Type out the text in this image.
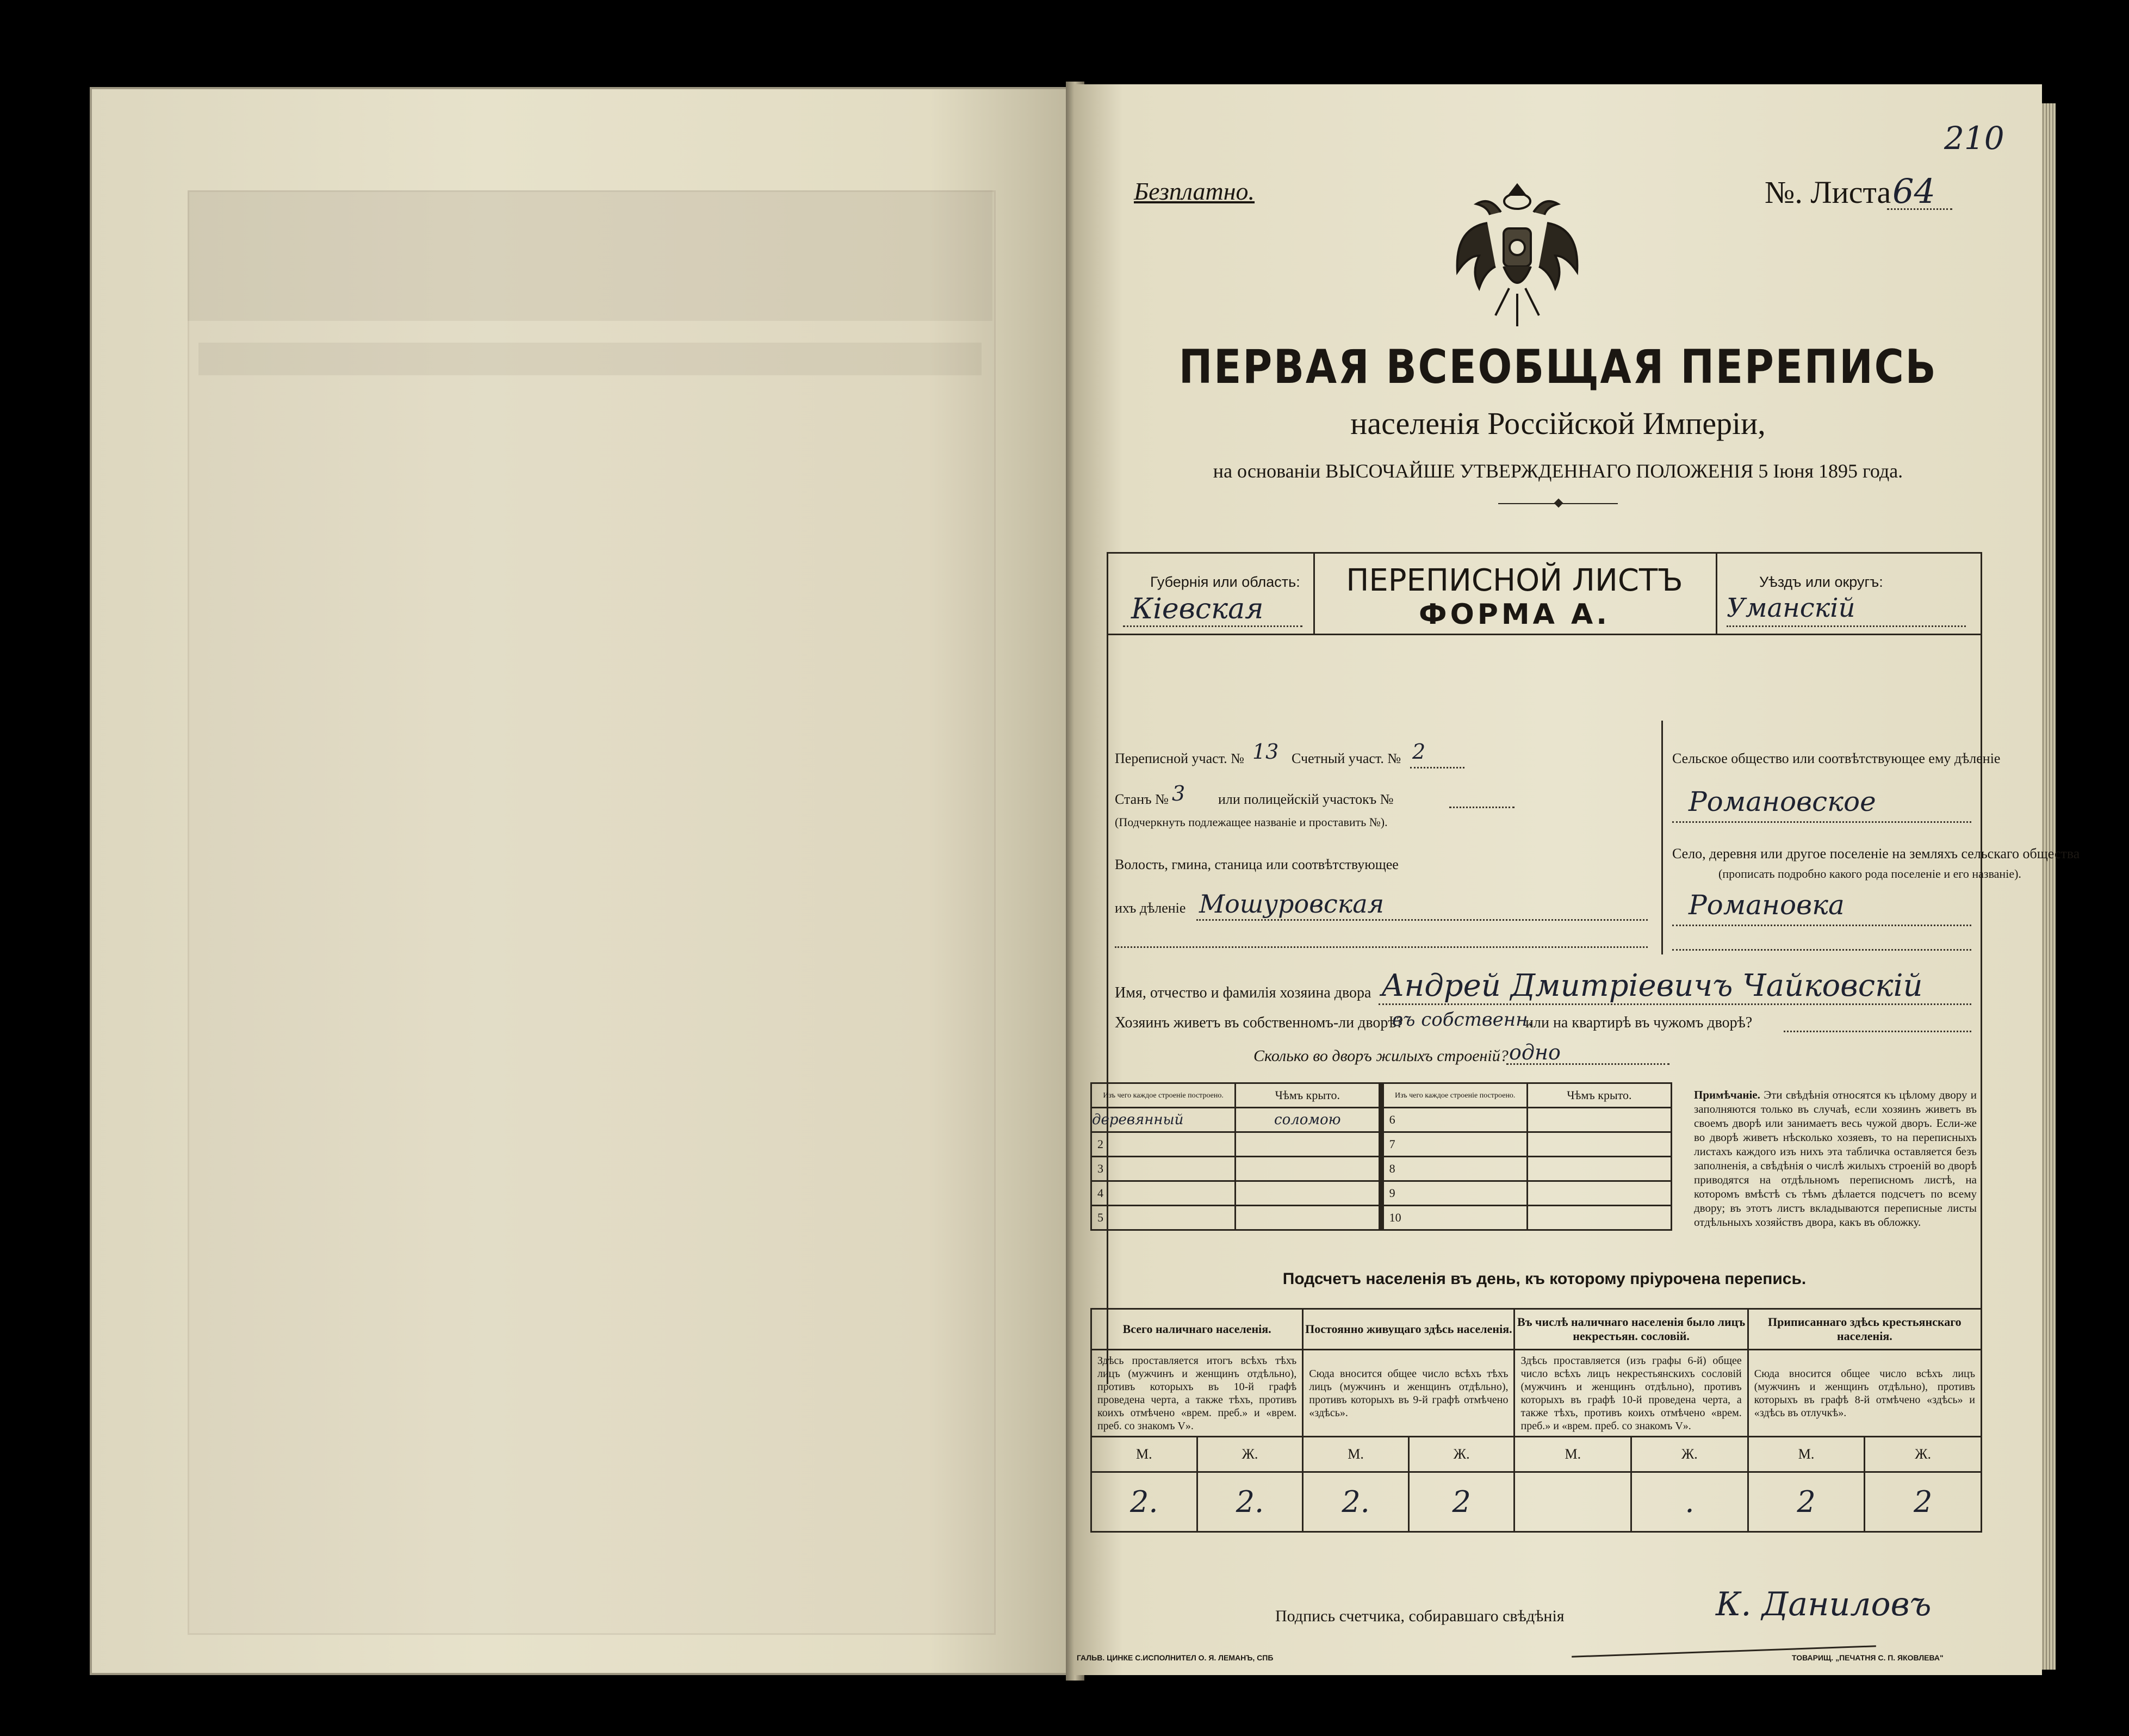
210
Безплатно.	№. Листа 64
ПЕРВАЯ ВСЕОБЩАЯ ПЕРЕПИСЬ
населенія Россійской Имперіи,
на основаніи ВЫСОЧАЙШЕ УТВЕРЖДЕННАГО ПОЛОЖЕНІЯ 5 Іюня 1895 года.
Губернія или область:
Кіевская
ПЕРЕПИСНОЙ ЛИСТЪ
ФОРМА А.
Уѣздъ или округъ:
Уманскій
Переписной участ. № 13 Счетный участ. № 2
Станъ № 3 или полицейскій участокъ №
(Подчеркнуть подлежащее названіе и проставить №).
Волость, гмина, станица или соотвѣтствующее
ихъ дѣленіе Мошуровская
Сельское общество или соотвѣтствующее ему дѣленіе
Романовское
Село, деревня или другое поселеніе на земляхъ сельскаго общества
(прописать подробно какого рода поселеніе и его названіе).
Романовка
Имя, отчество и фамилія хозяина двора Андрей Дмитріевичъ Чайковскій
Хозяинъ живетъ въ собственномъ-ли дворѣ?
въ собственн.
или на квартирѣ въ чужомъ дворѣ?
Сколько во дворъ жилыхъ строеній? одно
Изъ чего каждое строеніе построено.	Чѣмъ крыто.		Изъ чего каждое строеніе построено.	Чѣмъ крыто.
деревянный	соломою		6	
2			7	
3			8	
4			9	
5			10	
Примѣчаніе. Эти свѣдѣнія относятся къ цѣлому двору и заполняются только въ случаѣ, если хозяинъ живетъ въ своемъ дворѣ или занимаетъ весь чужой дворъ. Если-же во дворѣ живетъ нѣсколько хозяевъ, то на переписныхъ листахъ каждого изъ нихъ эта табличка оставляется безъ заполненія, а свѣдѣнія о числѣ жилыхъ строеній во дворѣ приводятся на отдѣльномъ переписномъ листѣ, на которомъ вмѣстѣ съ тѣмъ дѣлается подсчетъ по всему двору; въ этотъ листъ вкладываются переписные листы отдѣльныхъ хозяйствъ двора, какъ въ обложку.
Подсчетъ населенія въ день, къ которому пріурочена перепись.
Всего наличнаго населенія.		Постоянно живущаго здѣсь населенія.		Въ числѣ наличнаго населенія было лицъ некрестьян. сословій.		Приписаннаго здѣсь крестьянскаго населенія.	
Здѣсь проставляется итогъ всѣхъ тѣхъ лицъ (мужчинъ и женщинъ отдѣльно), противъ которыхъ въ 10-й графѣ проведена черта, а также тѣхъ, противъ коихъ отмѣчено «врем. преб.» и «врем. преб. со знакомъ V».		Сюда вносится общее число всѣхъ тѣхъ лицъ (мужчинъ и женщинъ отдѣльно), противъ которыхъ въ 9-й графѣ отмѣчено «здѣсь».		Здѣсь проставляется (изъ графы 6-й) общее число всѣхъ лицъ некрестьянскихъ сословій (мужчинъ и женщинъ отдѣльно), противъ которыхъ въ графѣ 10-й проведена черта, а также тѣхъ, противъ коихъ отмѣчено «врем. преб.» и «врем. преб. со знакомъ V».		Сюда вносится общее число всѣхъ лицъ (мужчинъ и женщинъ отдѣльно), противъ которыхъ въ графѣ 8-й отмѣчено «здѣсь» и «здѣсь въ отлучкѣ».	
М.	Ж.	М.	Ж.	М.	Ж.	М.	Ж.
2.	2.	2.	2		.	2	2
Подпись счетчика, собиравшаго свѣдѣнія	К. Даниловъ
ГАЛЬВ. ЦИНКЕ С.ИСПОЛНИТЕЛ О. Я. ЛЕМАНЪ, СПБ	ТОВАРИЩ. „ПЕЧАТНЯ С. П. ЯКОВЛЕВА"
